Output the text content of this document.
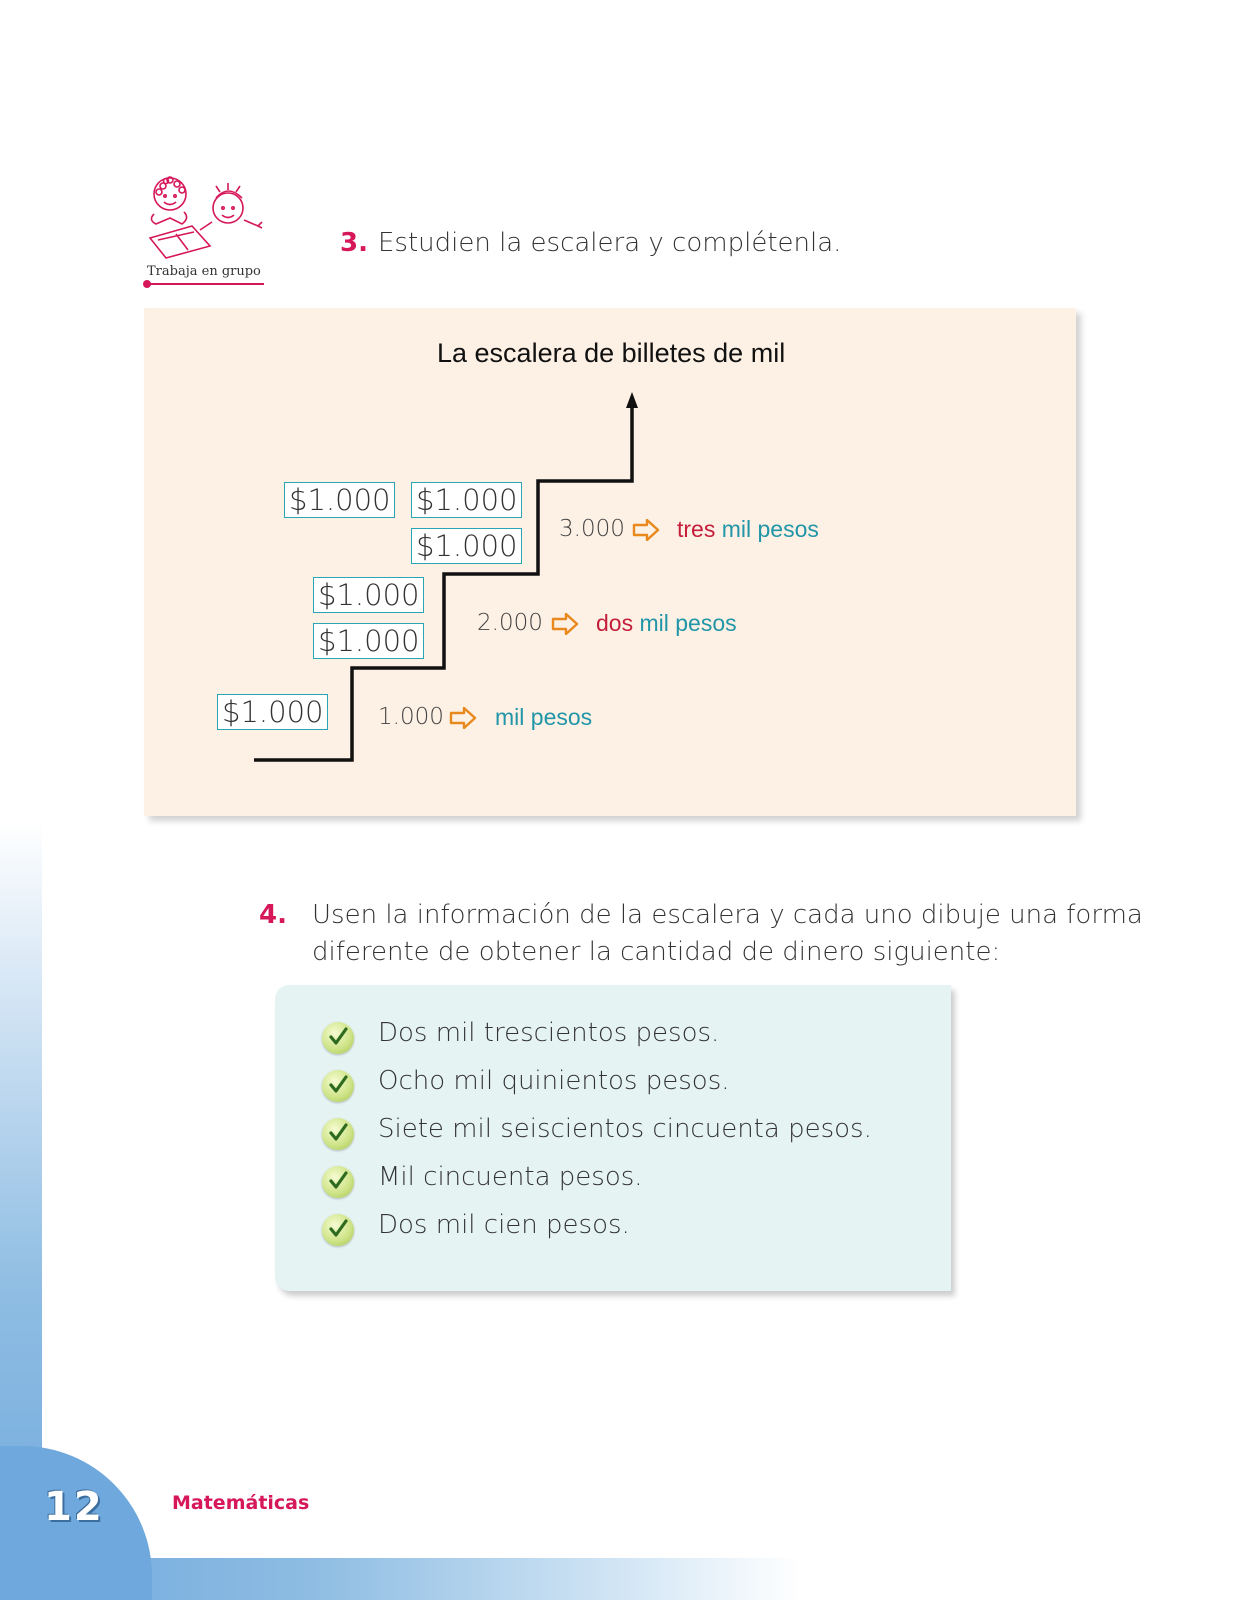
Trabaja en grupo
3. Estudien la escalera y complétenla.
La escalera de billetes de mil
$1.000
$1.000
$1.000
$1.000 $1.000
$1.000
1.000 mil pesos
2.000 dos mil pesos
3.000 tres mil pesos
4. Usen la información de la escalera y cada uno dibuje una forma
diferente de obtener la cantidad de dinero siguiente:
Dos mil trescientos pesos.
Ocho mil quinientos pesos.
Siete mil seiscientos cincuenta pesos.
Mil cincuenta pesos.
Dos mil cien pesos.
12	Matemáticas
